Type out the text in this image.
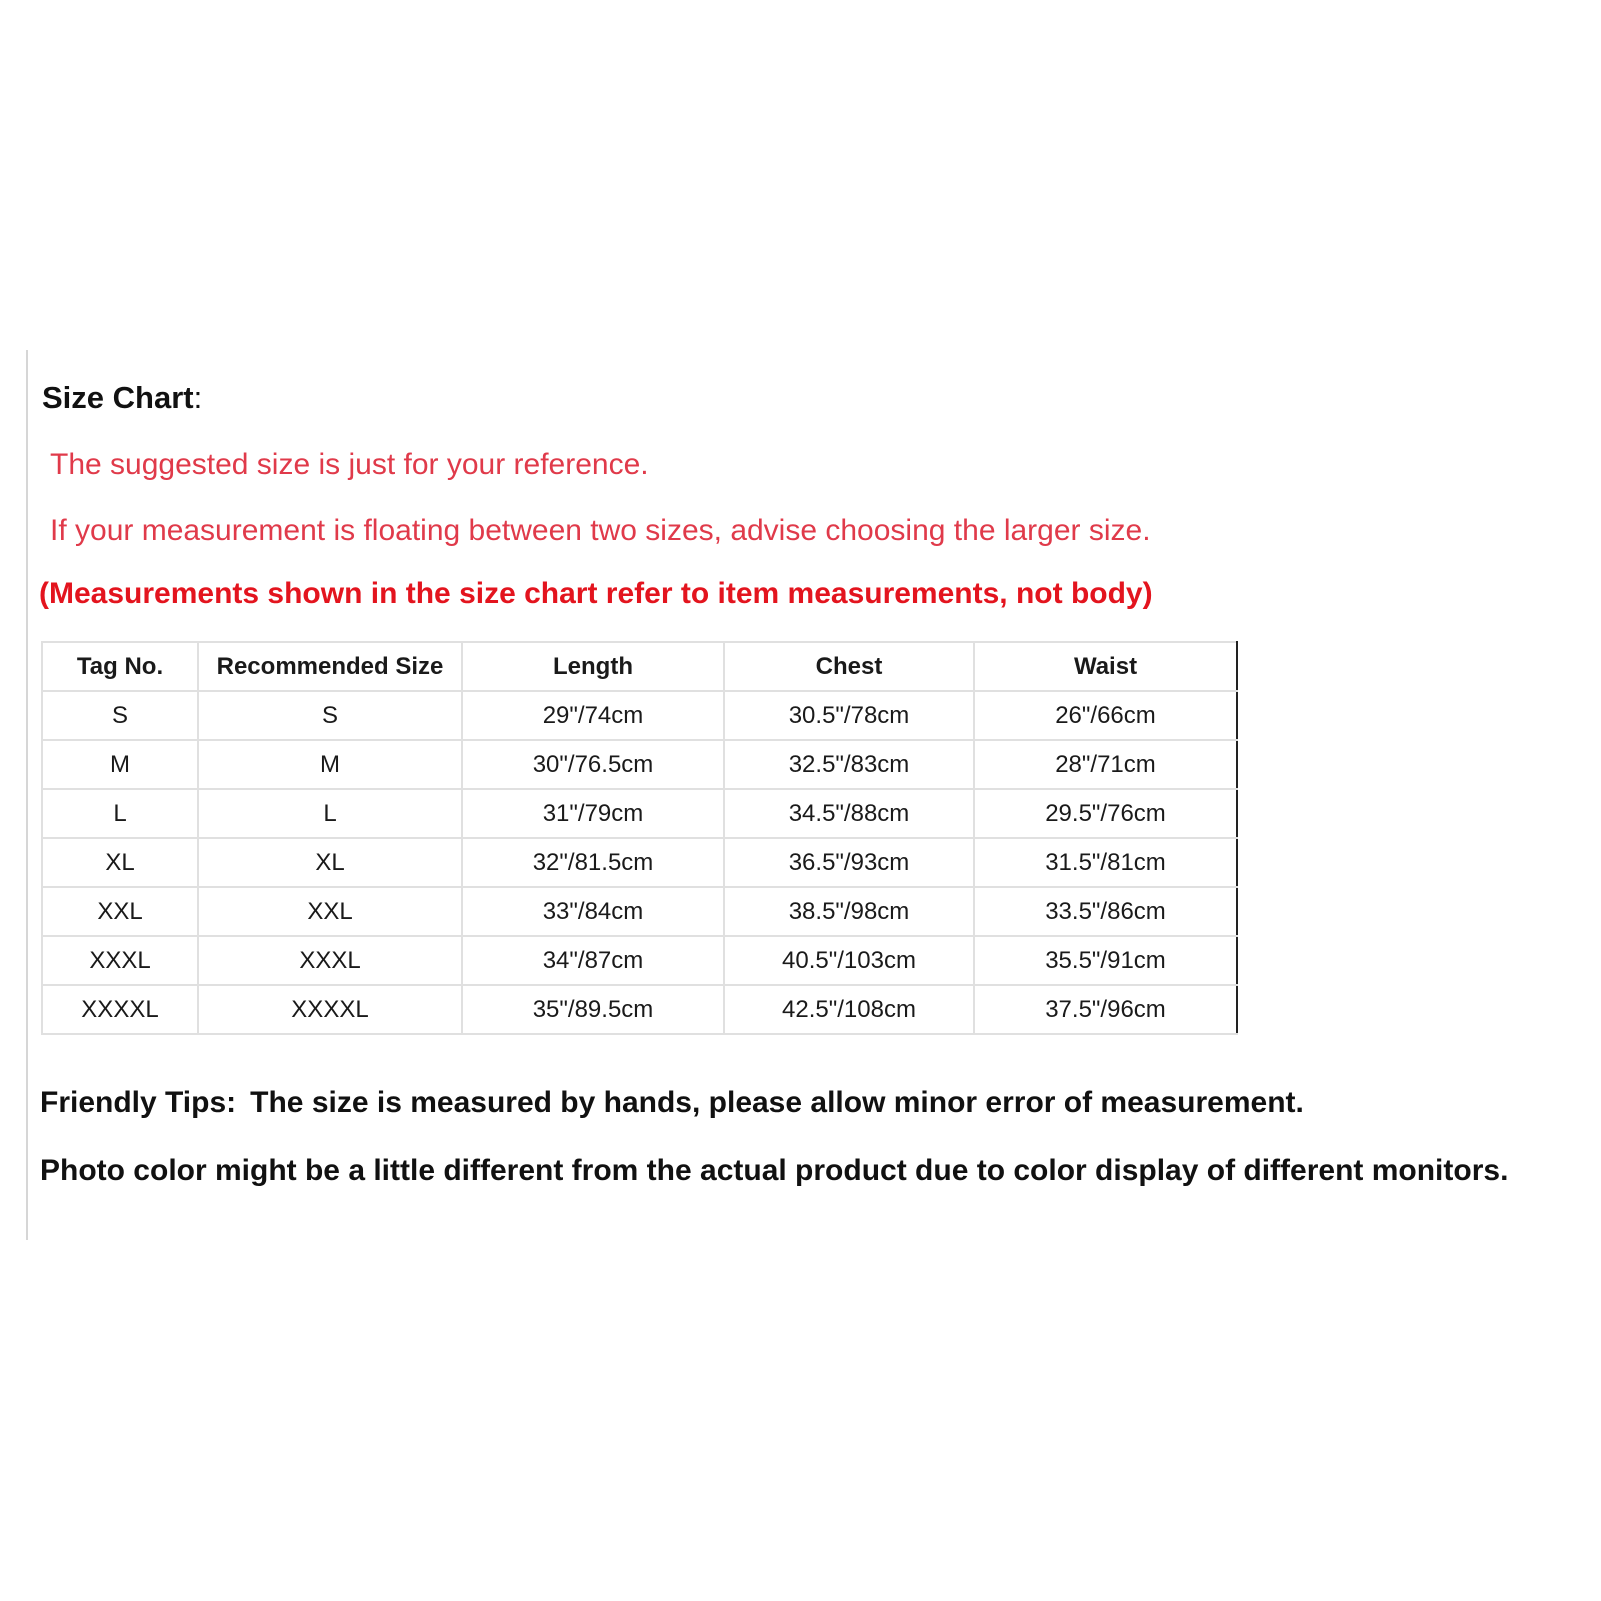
Size Chart:
The suggested size is just for your reference.
If your measurement is floating between two sizes, advise choosing the larger size.
(Measurements shown in the size chart refer to item measurements, not body)
Tag No.	Recommended Size	Length	Chest	Waist
S	S	29"/74cm	30.5"/78cm	26"/66cm
M	M	30"/76.5cm	32.5"/83cm	28"/71cm
L	L	31"/79cm	34.5"/88cm	29.5"/76cm
XL	XL	32"/81.5cm	36.5"/93cm	31.5"/81cm
XXL	XXL	33"/84cm	38.5"/98cm	33.5"/86cm
XXXL	XXXL	34"/87cm	40.5"/103cm	35.5"/91cm
XXXXL	XXXXL	35"/89.5cm	42.5"/108cm	37.5"/96cm
Friendly Tips: The size is measured by hands, please allow minor error of measurement.
Photo color might be a little different from the actual product due to color display of different monitors.
